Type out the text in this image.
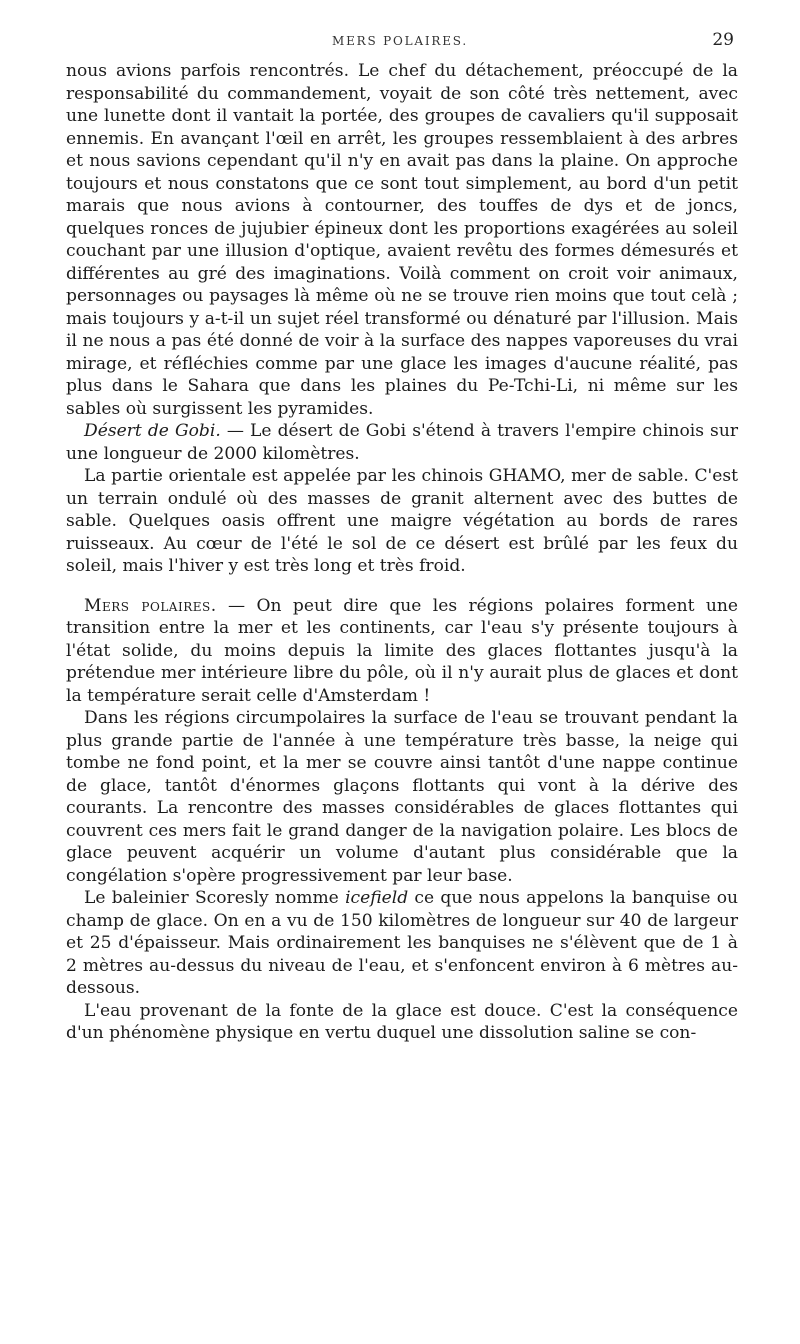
MERS POLAIRES.	29

nous avions parfois rencontrés. Le chef du détachement, préoccupé de la responsabilité du commandement, voyait de son côté très nettement, avec une lunette dont il vantait la portée, des groupes de cavaliers qu'il supposait ennemis. En avançant l'œil en arrêt, les groupes ressemblaient à des arbres et nous savions cependant qu'il n'y en avait pas dans la plaine. On approche toujours et nous constatons que ce sont tout simplement, au bord d'un petit marais que nous avions à contourner, des touffes de dys et de joncs, quelques ronces de jujubier épineux dont les proportions exagérées au soleil couchant par une illusion d'optique, avaient revêtu des formes démesurés et différentes au gré des imaginations. Voilà comment on croit voir animaux, personnages ou paysages là même où ne se trouve rien moins que tout celà ; mais toujours y a-t-il un sujet réel transformé ou dénaturé par l'illusion. Mais il ne nous a pas été donné de voir à la surface des nappes vaporeuses du vrai mirage, et réfléchies comme par une glace les images d'aucune réalité, pas plus dans le Sahara que dans les plaines du Pe-Tchi-Li, ni même sur les sables où surgissent les pyramides.

Désert de Gobi. — Le désert de Gobi s'étend à travers l'empire chinois sur une longueur de 2000 kilomètres.

La partie orientale est appelée par les chinois GHAMO, mer de sable. C'est un terrain ondulé où des masses de granit alternent avec des buttes de sable. Quelques oasis offrent une maigre végétation au bords de rares ruisseaux. Au cœur de l'été le sol de ce désert est brûlé par les feux du soleil, mais l'hiver y est très long et très froid.

Mers polaires. — On peut dire que les régions polaires forment une transition entre la mer et les continents, car l'eau s'y présente toujours à l'état solide, du moins depuis la limite des glaces flottantes jusqu'à la prétendue mer intérieure libre du pôle, où il n'y aurait plus de glaces et dont la température serait celle d'Amsterdam !

Dans les régions circumpolaires la surface de l'eau se trouvant pendant la plus grande partie de l'année à une température très basse, la neige qui tombe ne fond point, et la mer se couvre ainsi tantôt d'une nappe continue de glace, tantôt d'énormes glaçons flottants qui vont à la dérive des courants. La rencontre des masses considérables de glaces flottantes qui couvrent ces mers fait le grand danger de la navigation polaire. Les blocs de glace peuvent acquérir un volume d'autant plus considérable que la congélation s'opère progressivement par leur base.

Le baleinier Scoresly nomme icefield ce que nous appelons la banquise ou champ de glace. On en a vu de 150 kilomètres de longueur sur 40 de largeur et 25 d'épaisseur. Mais ordinairement les banquises ne s'élèvent que de 1 à 2 mètres au-dessus du niveau de l'eau, et s'enfoncent environ à 6 mètres au-dessous.

L'eau provenant de la fonte de la glace est douce. C'est la conséquence d'un phénomène physique en vertu duquel une dissolution saline se con-
